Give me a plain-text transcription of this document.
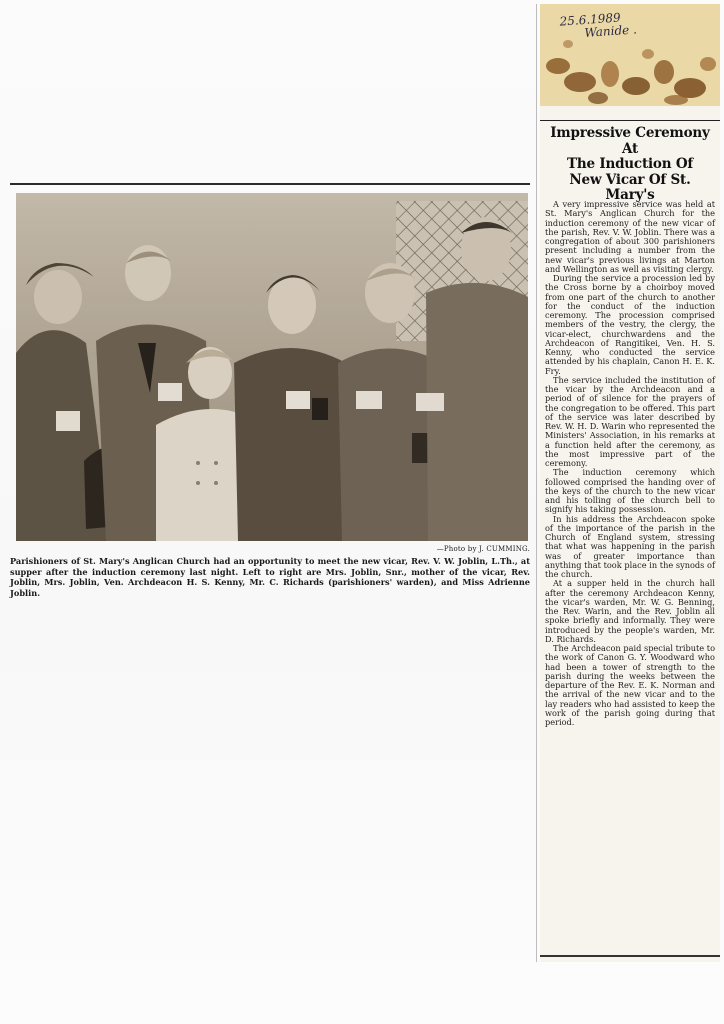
—Photo by J. CUMMING.
Parishioners of St. Mary's Anglican Church had an opportunity to meet the new vicar, Rev. V. W. Joblin, L.Th., at supper after the induction ceremony last night. Left to right are Mrs. Joblin, Snr., mother of the vicar, Rev. Joblin, Mrs. Joblin, Ven. Archdeacon H. S. Kenny, Mr. C. Richards (parishioners' warden), and Miss Adrienne Joblin.
25.6.1989
Wanide .
Impressive Ceremony At
The Induction Of
New Vicar Of St. Mary's

A very impressive service was held at St. Mary's Anglican Church for the induction ceremony of the new vicar of the parish, Rev. V. W. Joblin. There was a congregation of about 300 parishioners present including a number from the new vicar's previous livings at Marton and Wellington as well as visiting clergy.

During the service a procession led by the Cross borne by a choirboy moved from one part of the church to another for the conduct of the induction ceremony. The procession comprised members of the vestry, the clergy, the vicar-elect, churchwardens and the Archdeacon of Rangitikei, Ven. H. S. Kenny, who conducted the service attended by his chaplain, Canon H. E. K. Fry.

The service included the institution of the vicar by the Archdeacon and a period of of silence for the prayers of the congregation to be offered. This part of the service was later described by Rev. W. H. D. Warin who represented the Ministers' Association, in his remarks at a function held after the ceremony, as the most impressive part of the ceremony.

The induction ceremony which followed comprised the handing over of the keys of the church to the new vicar and his tolling of the church bell to signify his taking possession.

In his address the Archdeacon spoke of the importance of the parish in the Church of England system, stressing that what was happening in the parish was of greater importance than anything that took place in the synods of the church.

At a supper held in the church hall after the ceremony Archdeacon Kenny, the vicar's warden, Mr. W. G. Benning, the Rev. Warin, and the Rev. Joblin all spoke briefly and informally. They were introduced by the people's warden, Mr. D. Richards.

The Archdeacon paid special tribute to the work of Canon G. Y. Woodward who had been a tower of strength to the parish during the weeks between the departure of the Rev. E. K. Norman and the arrival of the new vicar and to the lay readers who had assisted to keep the work of the parish going during that period.
